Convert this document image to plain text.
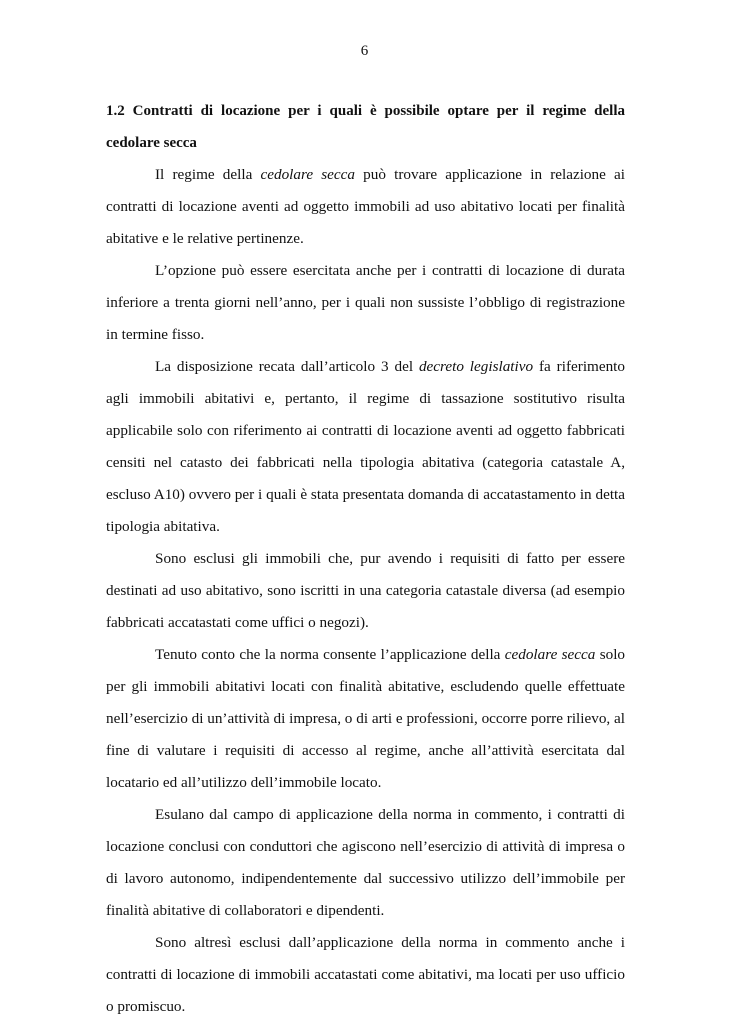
6

1.2 Contratti di locazione per i quali è possibile optare per il regime della cedolare secca

Il regime della cedolare secca può trovare applicazione in relazione ai contratti di locazione aventi ad oggetto immobili ad uso abitativo locati per finalità abitative e le relative pertinenze.

L’opzione può essere esercitata anche per i contratti di locazione di durata inferiore a trenta giorni nell’anno, per i quali non sussiste l’obbligo di registrazione in termine fisso.

La disposizione recata dall’articolo 3 del decreto legislativo fa riferimento agli immobili abitativi e, pertanto, il regime di tassazione sostitutivo risulta applicabile solo con riferimento ai contratti di locazione aventi ad oggetto fabbricati censiti nel catasto dei fabbricati nella tipologia abitativa (categoria catastale A, escluso A10) ovvero per i quali è stata presentata domanda di accatastamento in detta tipologia abitativa.

Sono esclusi gli immobili che, pur avendo i requisiti di fatto per essere destinati ad uso abitativo, sono iscritti in una categoria catastale diversa (ad esempio fabbricati accatastati come uffici o negozi).

Tenuto conto che la norma consente l’applicazione della cedolare secca solo per gli immobili abitativi locati con finalità abitative, escludendo quelle effettuate nell’esercizio di un’attività di impresa, o di arti e professioni, occorre porre rilievo, al fine di valutare i requisiti di accesso al regime, anche all’attività esercitata dal locatario ed all’utilizzo dell’immobile locato.

Esulano dal campo di applicazione della norma in commento, i contratti di locazione conclusi con conduttori che agiscono nell’esercizio di attività di impresa o di lavoro autonomo, indipendentemente dal successivo utilizzo dell’immobile per finalità abitative di collaboratori e dipendenti.

Sono altresì esclusi dall’applicazione della norma in commento anche i contratti di locazione di immobili accatastati come abitativi, ma locati per uso ufficio o promiscuo.
